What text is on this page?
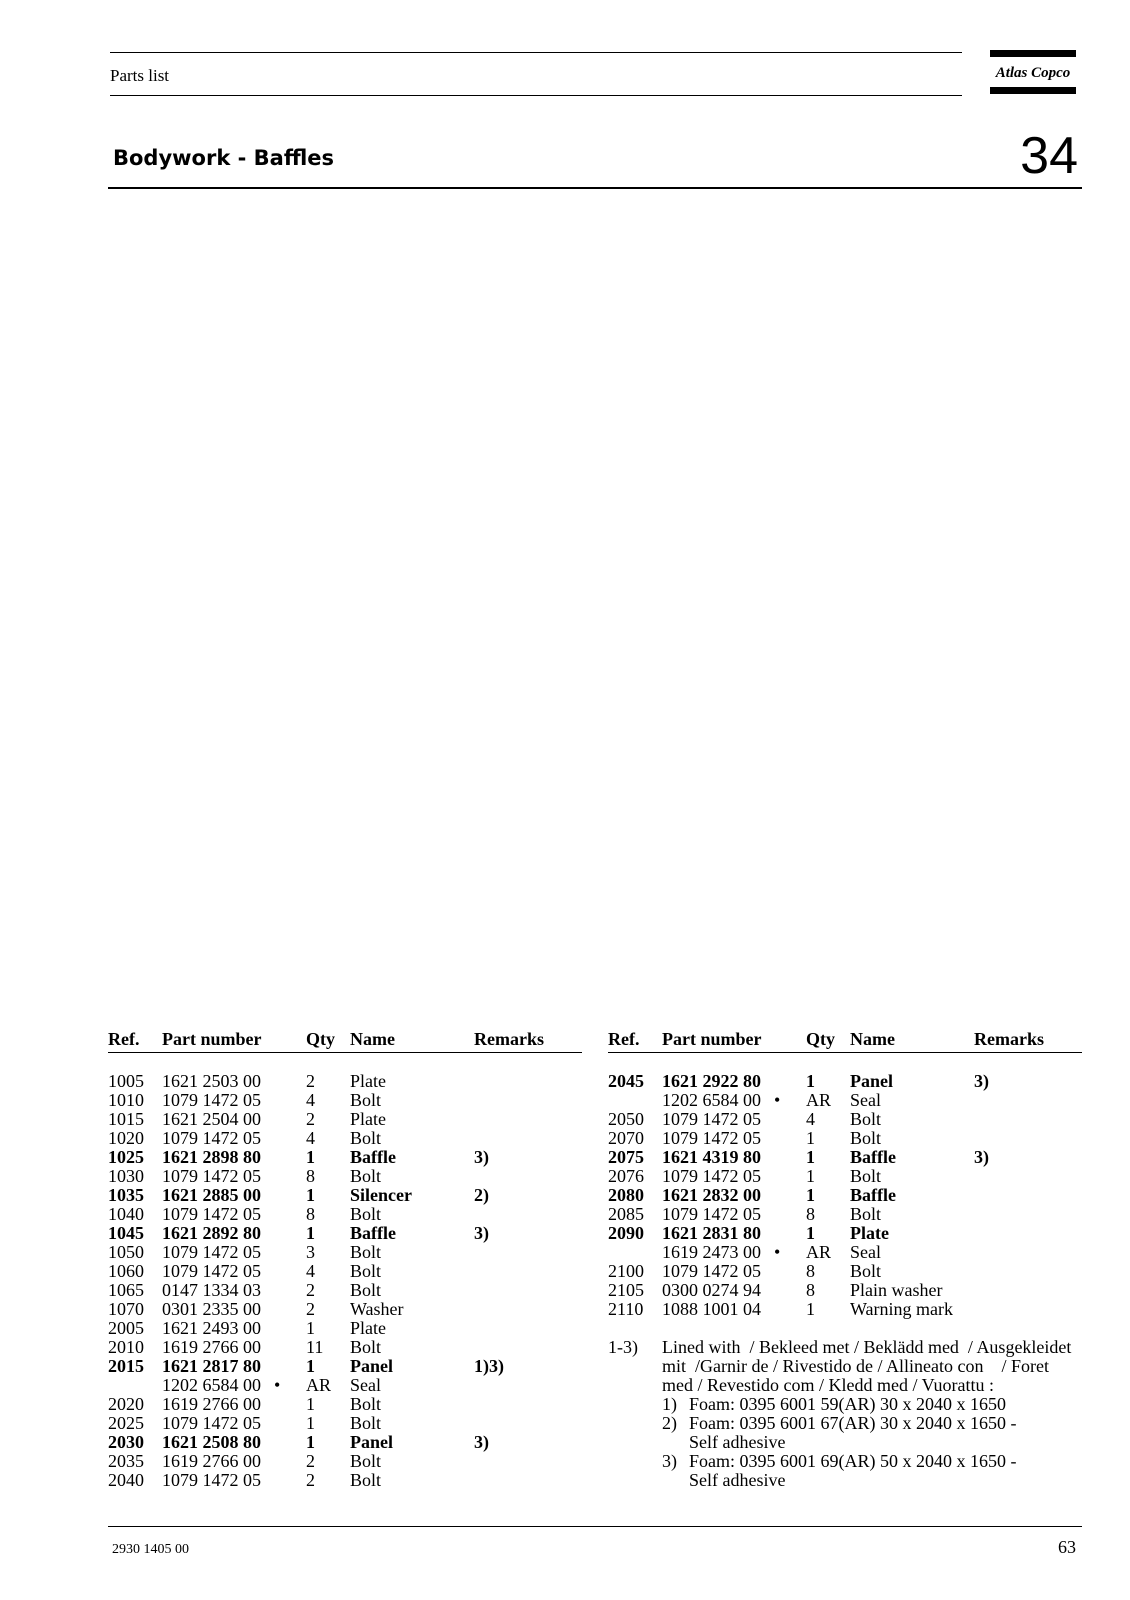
Parts list	Atlas Copco
Bodywork - Baffles	34
Ref. Part number Qty Name	Remarks
1005 1621 2503 00	2 Plate
1010 1079 1472 05	4 Bolt
1015 1621 2504 00	2 Plate
1020 1079 1472 05	4 Bolt
1025 1621 2898 80	1 Baffle	3)
1030 1079 1472 05	8 Bolt
1035 1621 2885 00	1 Silencer	2)
1040 1079 1472 05	8 Bolt
1045 1621 2892 80	1 Baffle	3)
1050 1079 1472 05	3 Bolt
1060 1079 1472 05	4 Bolt
1065 0147 1334 03	2 Bolt
1070 0301 2335 00	2 Washer
2005 1621 2493 00	1 Plate
2010 1619 2766 00	11 Bolt
2015 1621 2817 80	1 Panel	1)3)
1202 6584 00 • AR Seal
2020 1619 2766 00	1 Bolt
2025 1079 1472 05	1 Bolt
2030 1621 2508 80	1 Panel	3)
2035 1619 2766 00	2 Bolt
2040 1079 1472 05	2 Bolt
Ref. Part number Qty Name	Remarks
2045 1621 2922 80	1 Panel	3)
1202 6584 00 • AR Seal
2050 1079 1472 05	4 Bolt
2070 1079 1472 05	1 Bolt
2075 1621 4319 80	1 Baffle	3)
2076 1079 1472 05	1 Bolt
2080 1621 2832 00	1 Baffle
2085 1079 1472 05	8 Bolt
2090 1621 2831 80	1 Plate
1619 2473 00 • AR Seal
2100 1079 1472 05	8 Bolt
2105 0300 0274 94	8 Plain washer
2110 1088 1001 04	1 Warning mark
1-3) Lined with  / Bekleed met / Beklädd med  / Ausgekleidet
mit  /Garnir de / Rivestido de / Allineato con    / Foret
med / Revestido com / Kledd med / Vuorattu :
1) Foam: 0395 6001 59(AR) 30 x 2040 x 1650
2) Foam: 0395 6001 67(AR) 30 x 2040 x 1650 -
Self adhesive
3) Foam: 0395 6001 69(AR) 50 x 2040 x 1650 -
Self adhesive
2930 1405 00	63
